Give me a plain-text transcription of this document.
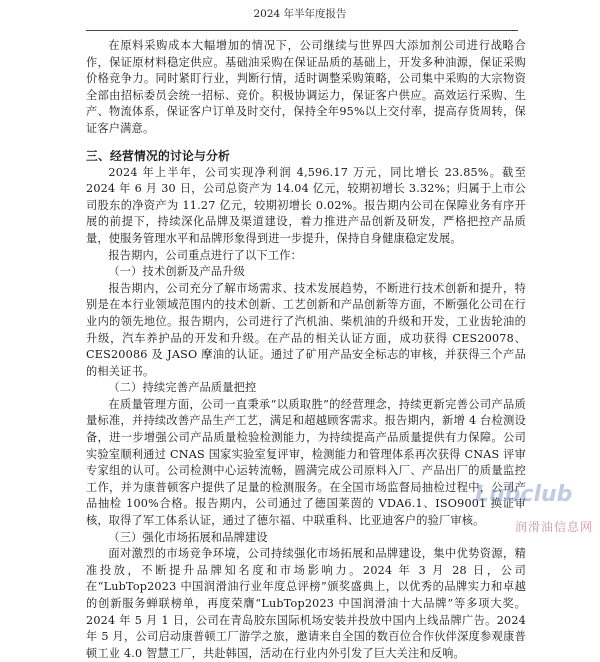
2024 年半年度报告

在原料采购成本大幅增加的情况下，公司继续与世界四大添加剂公司进行战略合作，保证原材料稳定供应。基础油采购在保证品质的基础上，开发多种油源，保证采购价格竞争力。同时紧盯行业，判断行情，适时调整采购策略，公司集中采购的大宗物资全部由招标委员会统一招标、竞价。积极协调运力，保证客户供应。高效运行采购、生产、物流体系，保证客户订单及时交付，保持全年95%以上交付率，提高存货周转，保证客户满意。

三、经营情况的讨论与分析

2024 年上半年，公司实现净利润 4,596.17 万元，同比增长 23.85%。截至 2024 年 6 月 30 日，公司总资产为 14.04 亿元，较期初增长 3.32%；归属于上市公司股东的净资产为 11.27 亿元，较期初增长 0.02%。报告期内公司在保障业务有序开展的前提下，持续深化品牌及渠道建设，着力推进产品创新及研发，严格把控产品质量，使服务管理水平和品牌形象得到进一步提升，保持自身健康稳定发展。

报告期内，公司重点进行了以下工作：

（一）技术创新及产品升级

报告期内，公司充分了解市场需求、技术发展趋势，不断进行技术创新和提升，特别是在本行业领域范围内的技术创新、工艺创新和产品创新等方面，不断强化公司在行业内的领先地位。报告期内，公司进行了汽机油、柴机油的升级和开发，工业齿轮油的升级，汽车养护品的开发和升级。在产品的相关认证方面，成功获得 CES20078、CES20086 及 JASO 摩油的认证。通过了矿用产品安全标志的审核，并获得三个产品的相关证书。

（二）持续完善产品质量把控

在质量管理方面，公司一直秉承“以质取胜”的经营理念，持续更新完善公司产品质量标准，并持续改善产品生产工艺，满足和超越顾客需求。报告期内，新增 4 台检测设备，进一步增强公司产品质量检验检测能力，为持续提高产品质量提供有力保障。公司实验室顺利通过 CNAS 国家实验室复评审，检测能力和管理体系再次获得 CNAS 评审专家组的认可。公司检测中心运转流畅，圆满完成公司原料入厂、产品出厂的质量监控工作，并为康普顿客户提供了足量的检测服务。在全国市场监督局抽检过程中，公司产品抽检 100%合格。报告期内，公司通过了德国莱茵的 VDA6.1、ISO9001 换证审核，取得了军工体系认证，通过了德尔福、中联重科、比亚迪客户的验厂审核。

（三）强化市场拓展和品牌建设

面对激烈的市场竞争环境，公司持续强化市场拓展和品牌建设，集中优势资源，精准投放，不断提升品牌知名度和市场影响力。2024 年 3 月 28 日，公司在“LubTop2023 中国润滑油行业年度总评榜”颁奖盛典上，以优秀的品牌实力和卓越的创新服务蝉联榜单，再度荣膺“LubTop2023 中国润滑油十大品牌”等多项大奖。2024 年 5 月 1 日，公司在青岛胶东国际机场安装并投放中国内上线品牌广告。2024 年 5 月，公司启动康普顿工厂游学之旅，邀请来自全国的数百位合作伙伴深度参观康普顿工业 4.0 智慧工厂，共赴韩国，活动在行业内外引发了巨大关注和反响。

Lubclub
润滑油信息网
